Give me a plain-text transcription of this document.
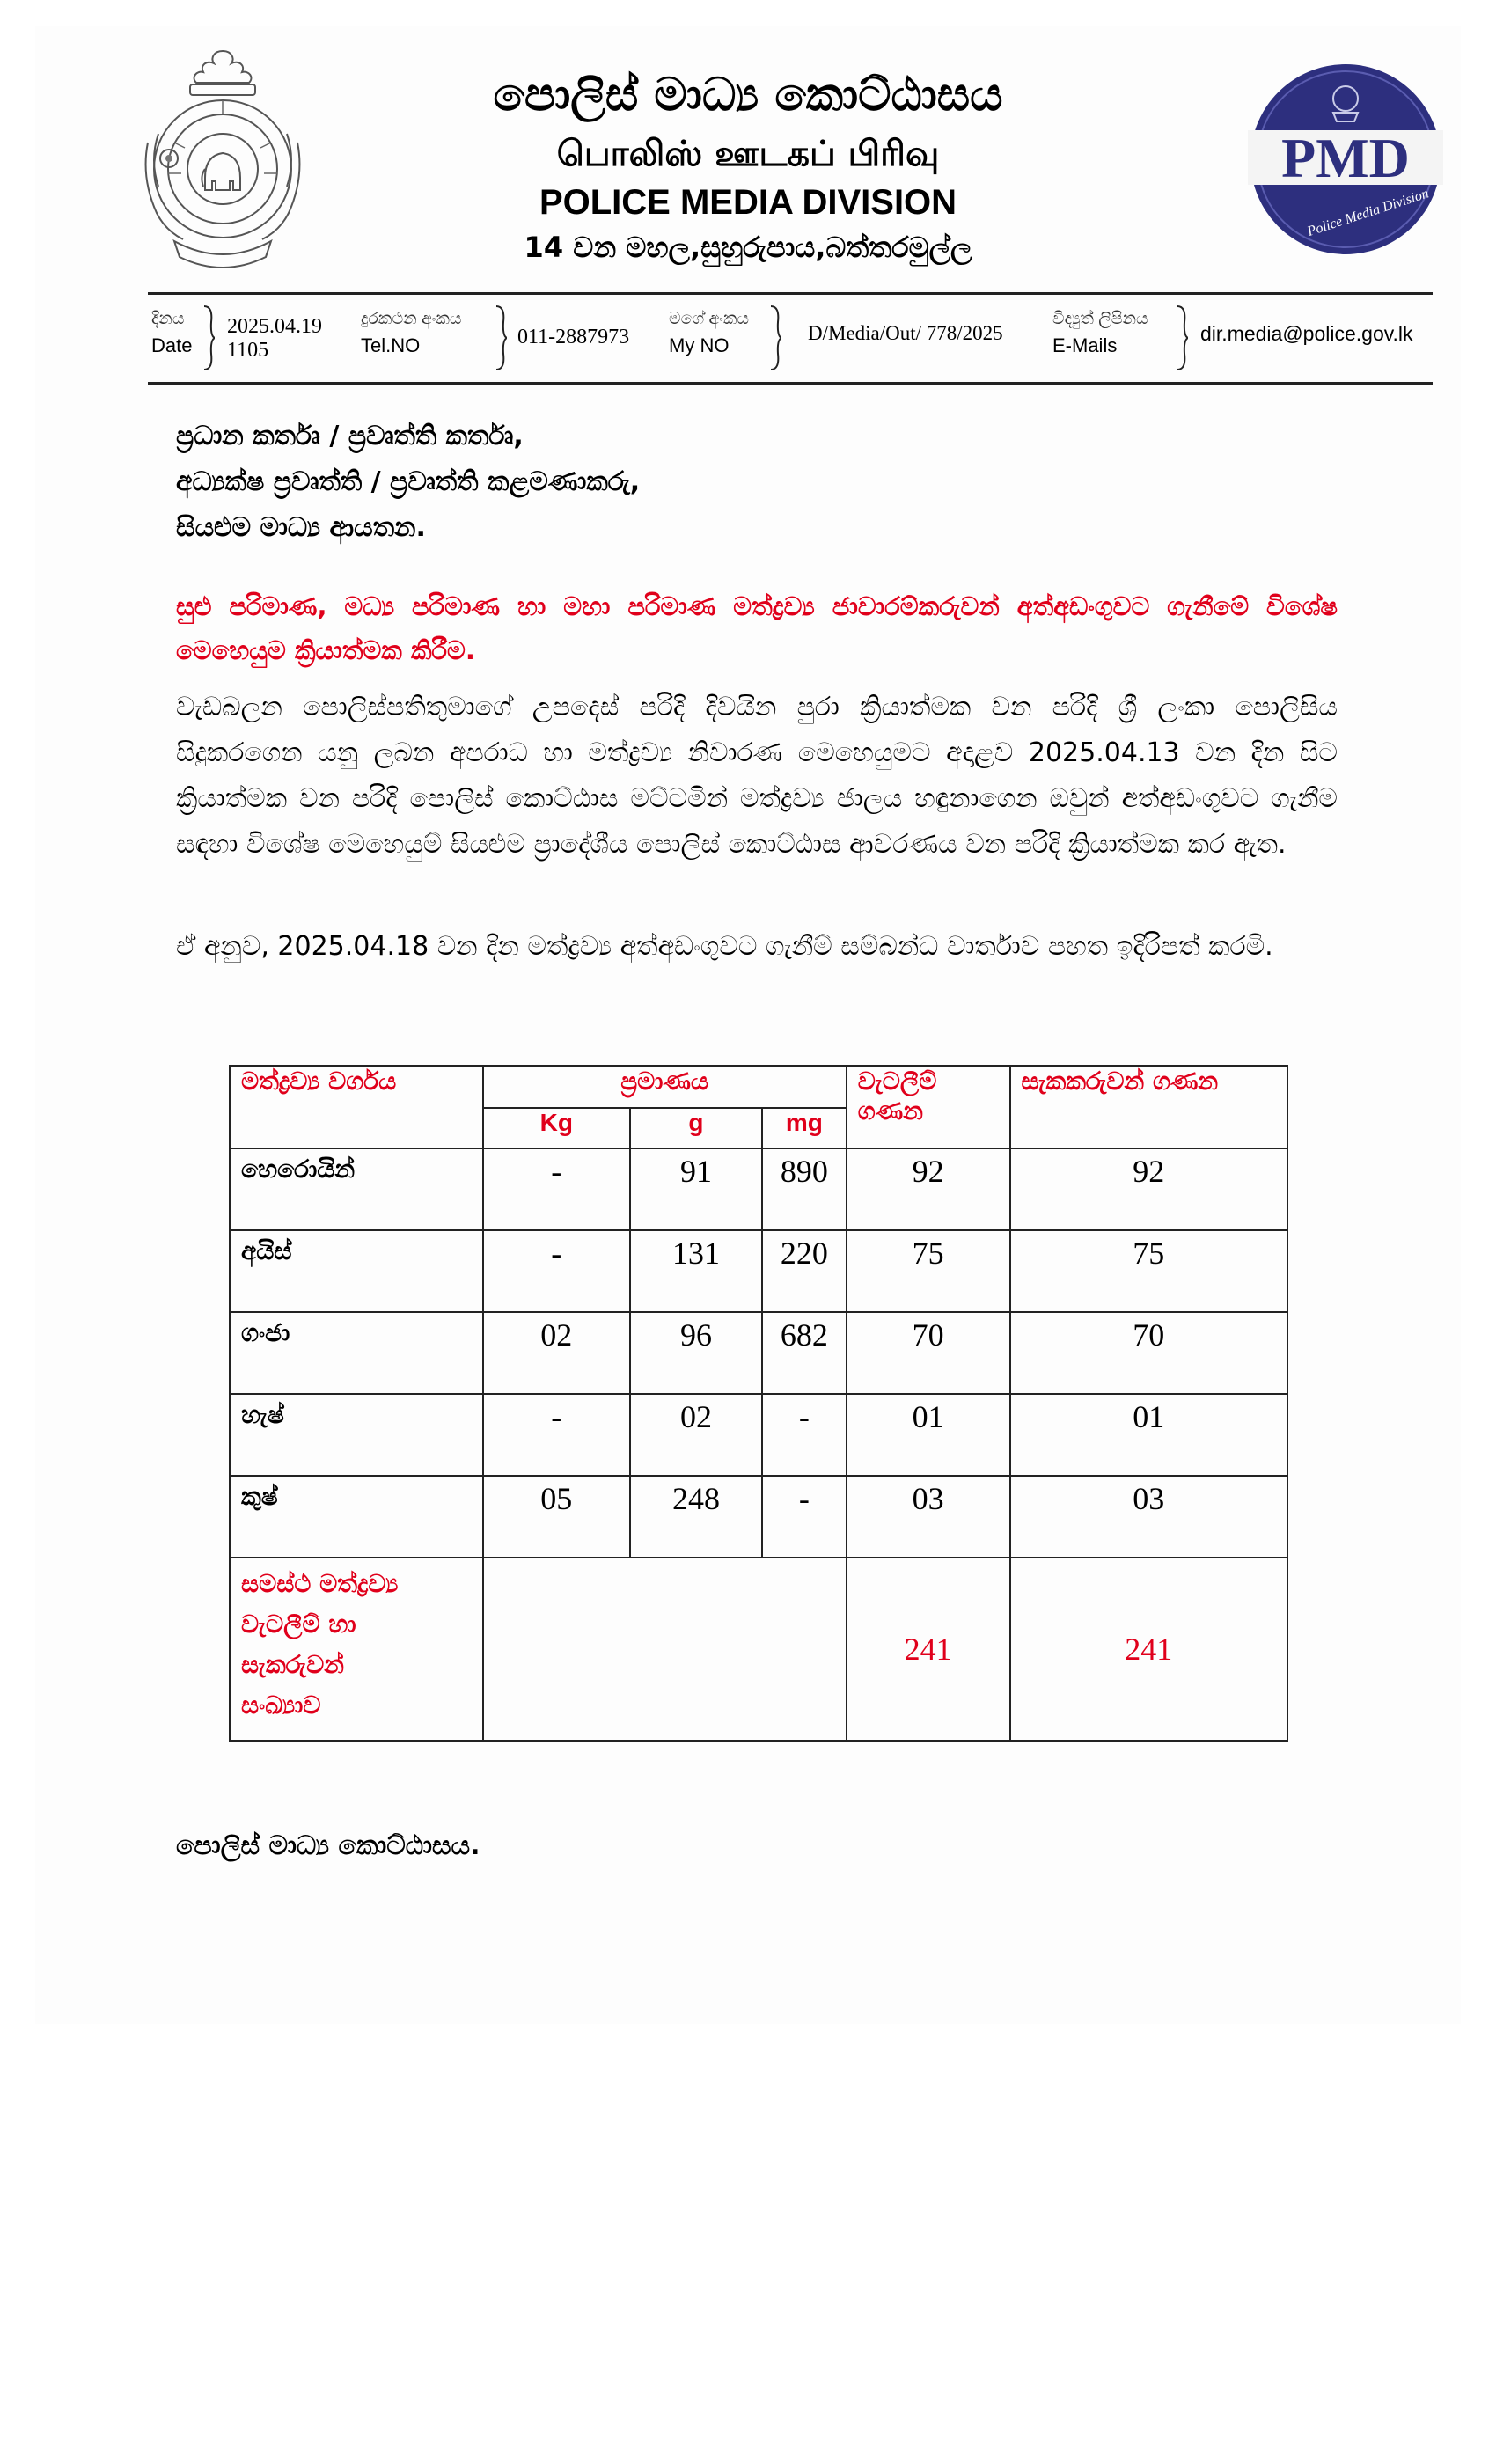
PMD
Police Media Division
පොලිස් මාධ්‍ය කොට්ඨාසය
பொலிஸ் ஊடகப் பிரிவு
POLICE MEDIA DIVISION
14 වන මහල,සුහුරුපාය,බත්තරමුල්ල
දිනය
Date
2025.04.19
1105
දුරකථන අංකය
Tel.NO	011-2887973
මගේ අංකය
My NO
D/Media/Out/ 778/2025
විද්‍යුත් ලිපිනය
E-Mails
dir.media@police.gov.lk
ප්‍රධාන කර්තෘ / ප්‍රවෘත්ති කර්තෘ,
අධ්‍යක්ෂ ප්‍රවෘත්ති / ප්‍රවෘත්ති කළමණාකරු,
සියළුම මාධ්‍ය ආයතන.
සුළු පරිමාණ, මධ්‍ය පරිමාණ හා මහා පරිමාණ මත්ද්‍රව්‍ය ජාවාරම්කරුවන් අත්අඩංගුවට ගැනීමේ විශේෂ මෙහෙයුම ක්‍රියාත්මක කිරීම.
වැඩබලන පොලිස්පතිතුමාගේ උපදෙස් පරිදි දිවයින පුරා ක්‍රියාත්මක වන පරිදි ශ්‍රී ලංකා පොලිසිය සිදුකරගෙන යනු ලබන අපරාධ හා මත්ද්‍රව්‍ය නිවාරණ මෙහෙයුමට අදාළව 2025.04.13 වන දින සිට ක්‍රියාත්මක වන පරිදි පොලිස් කොට්ඨාස මට්ටමින් මත්ද්‍රව්‍ය ජාලය හඳුනාගෙන ඔවුන් අත්අඩංගුවට ගැනීම සඳහා විශේෂ මෙහෙයුම් සියළුම ප්‍රාදේශීය පොලිස් කොට්ඨාස ආවරණය වන පරිදි ක්‍රියාත්මක කර ඇත.
ඒ අනුව, 2025.04.18 වන දින මත්ද්‍රව්‍ය අත්අඩංගුවට ගැනීම් සම්බන්ධ වාර්තාව පහත ඉදිරිපත් කරමි.
මත්ද්‍රව්‍ය වර්ගය	ප්‍රමාණය			වැටලීම් ගණන	සැකකරුවන් ගණන
	Kg	g	mg		
හෙරොයින්	-	91	890	92	92
අයිස්	-	131	220	75	75
ගංජා	02	96	682	70	70
හැෂ්	-	02	-	01	01
කුෂ්	05	248	-	03	03

සමස්ථ මත්ද්‍රව්‍ය
වැටලීම් හා
සැකරුවන්
සංඛ්‍යාව				241	241
පොලිස් මාධ්‍ය කොට්ඨාසය.
